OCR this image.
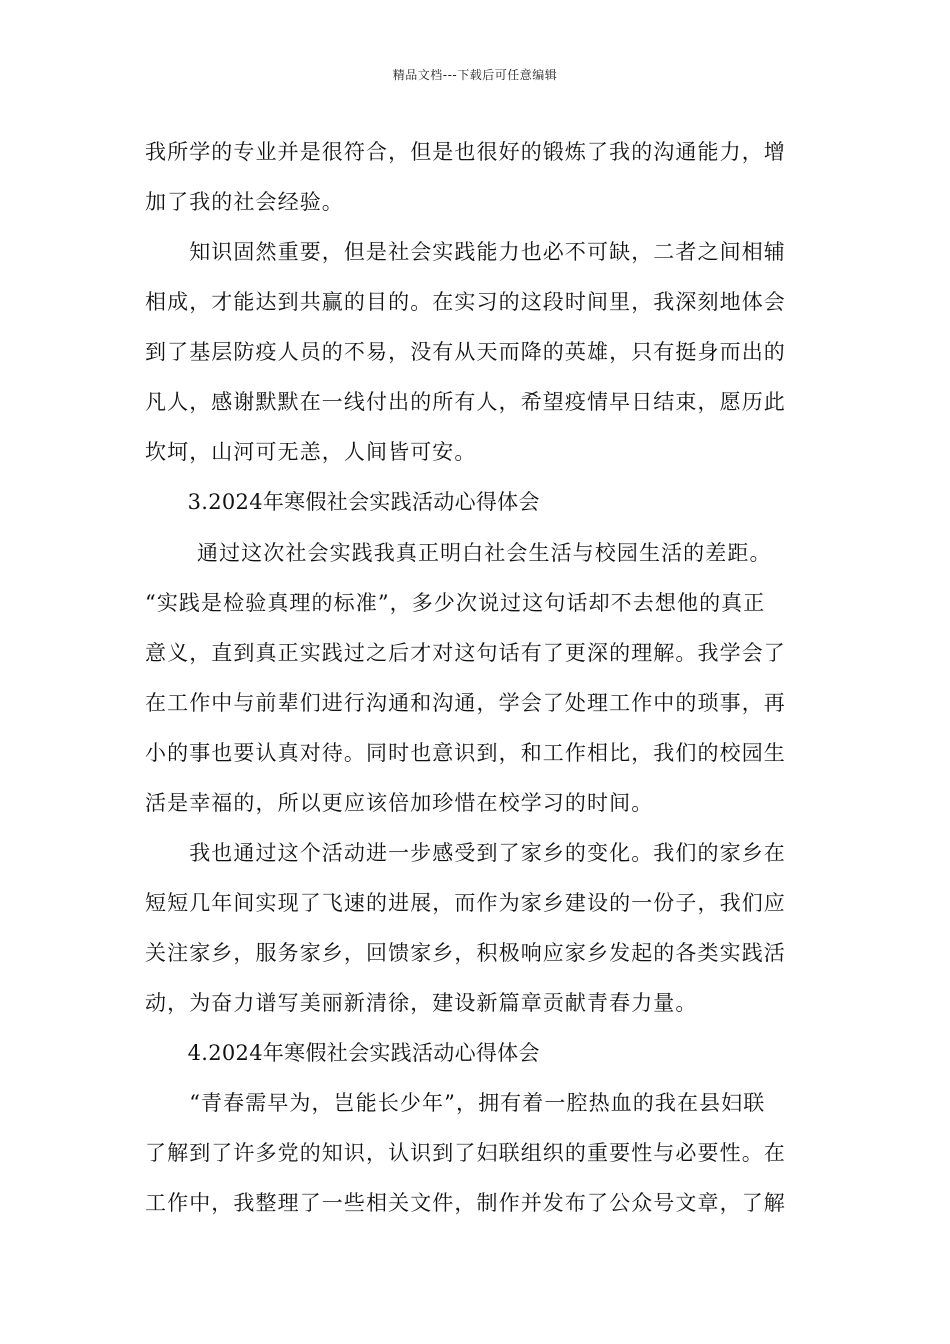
精品文档---下载后可任意编辑
我所学的专业并是很符合，但是也很好的锻炼了我的沟通能力，增
加了我的社会经验。
　　知识固然重要，但是社会实践能力也必不可缺，二者之间相辅
相成，才能达到共赢的目的。在实习的这段时间里，我深刻地体会
到了基层防疫人员的不易，没有从天而降的英雄，只有挺身而出的
凡人，感谢默默在一线付出的所有人，希望疫情早日结束，愿历此
坎坷，山河可无恙，人间皆可安。
　　3.2024年寒假社会实践活动心得体会
　　 通过这次社会实践我真正明白社会生活与校园生活的差距。
“实践是检验真理的标准”，多少次说过这句话却不去想他的真正
意义，直到真正实践过之后才对这句话有了更深的理解。我学会了
在工作中与前辈们进行沟通和沟通，学会了处理工作中的琐事，再
小的事也要认真对待。同时也意识到，和工作相比，我们的校园生
活是幸福的，所以更应该倍加珍惜在校学习的时间。
　　我也通过这个活动进一步感受到了家乡的变化。我们的家乡在
短短几年间实现了飞速的进展，而作为家乡建设的一份子，我们应
关注家乡，服务家乡，回馈家乡，积极响应家乡发起的各类实践活
动，为奋力谱写美丽新清徐，建设新篇章贡献青春力量。
　　4.2024年寒假社会实践活动心得体会
　　“青春需早为，岂能长少年”，拥有着一腔热血的我在县妇联
了解到了许多党的知识，认识到了妇联组织的重要性与必要性。在
工作中，我整理了一些相关文件，制作并发布了公众号文章，了解
